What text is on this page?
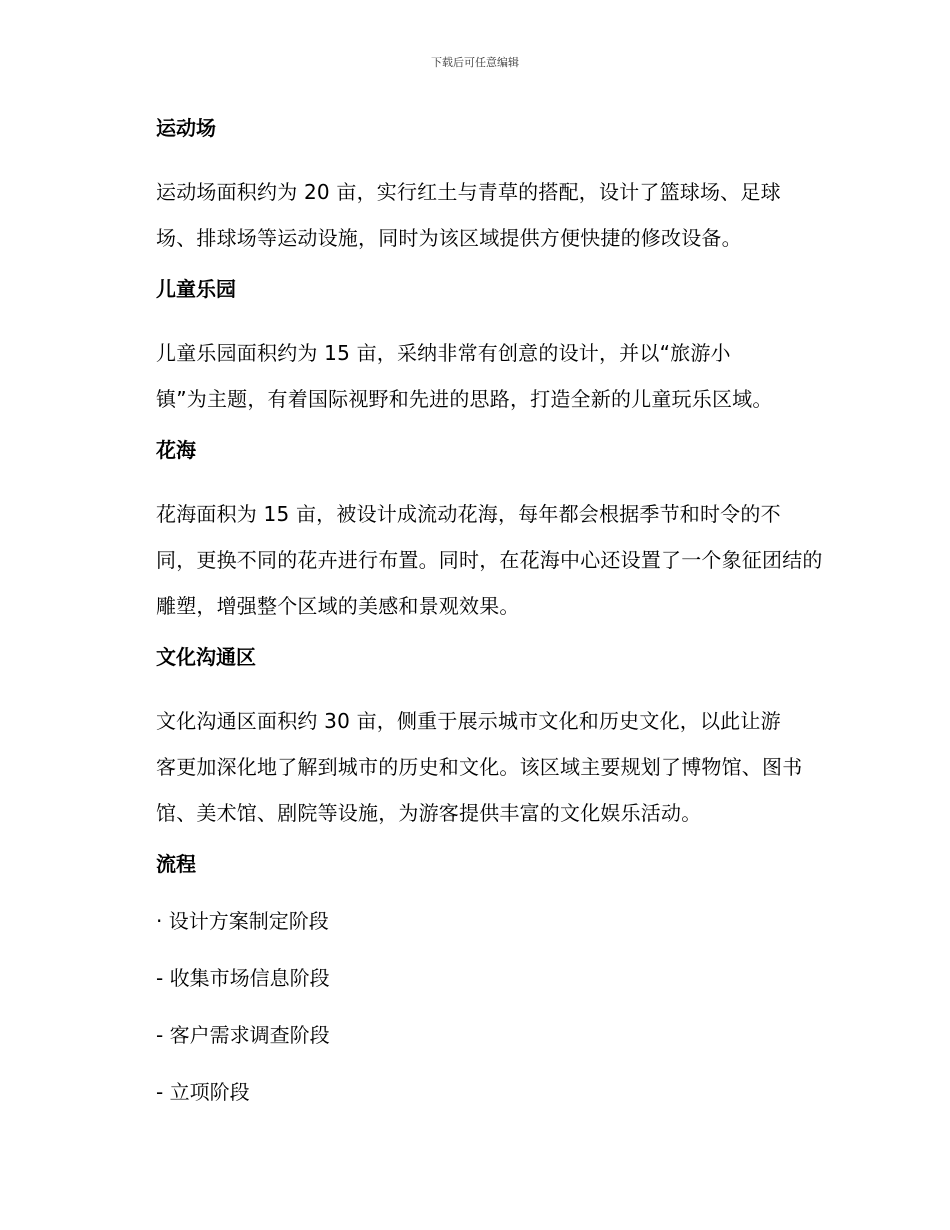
下载后可任意编辑
运动场

运动场面积约为 20 亩，实行红土与青草的搭配，设计了篮球场、足球
场、排球场等运动设施，同时为该区域提供方便快捷的修改设备。

儿童乐园

儿童乐园面积约为 15 亩，采纳非常有创意的设计，并以“旅游小
镇”为主题，有着国际视野和先进的思路，打造全新的儿童玩乐区域。

花海

花海面积为 15 亩，被设计成流动花海，每年都会根据季节和时令的不
同，更换不同的花卉进行布置。同时，在花海中心还设置了一个象征团结的
雕塑，增强整个区域的美感和景观效果。

文化沟通区

文化沟通区面积约 30 亩，侧重于展示城市文化和历史文化，以此让游
客更加深化地了解到城市的历史和文化。该区域主要规划了博物馆、图书
馆、美术馆、剧院等设施，为游客提供丰富的文化娱乐活动。

流程
· 设计方案制定阶段
- 收集市场信息阶段
- 客户需求调查阶段
- 立项阶段
